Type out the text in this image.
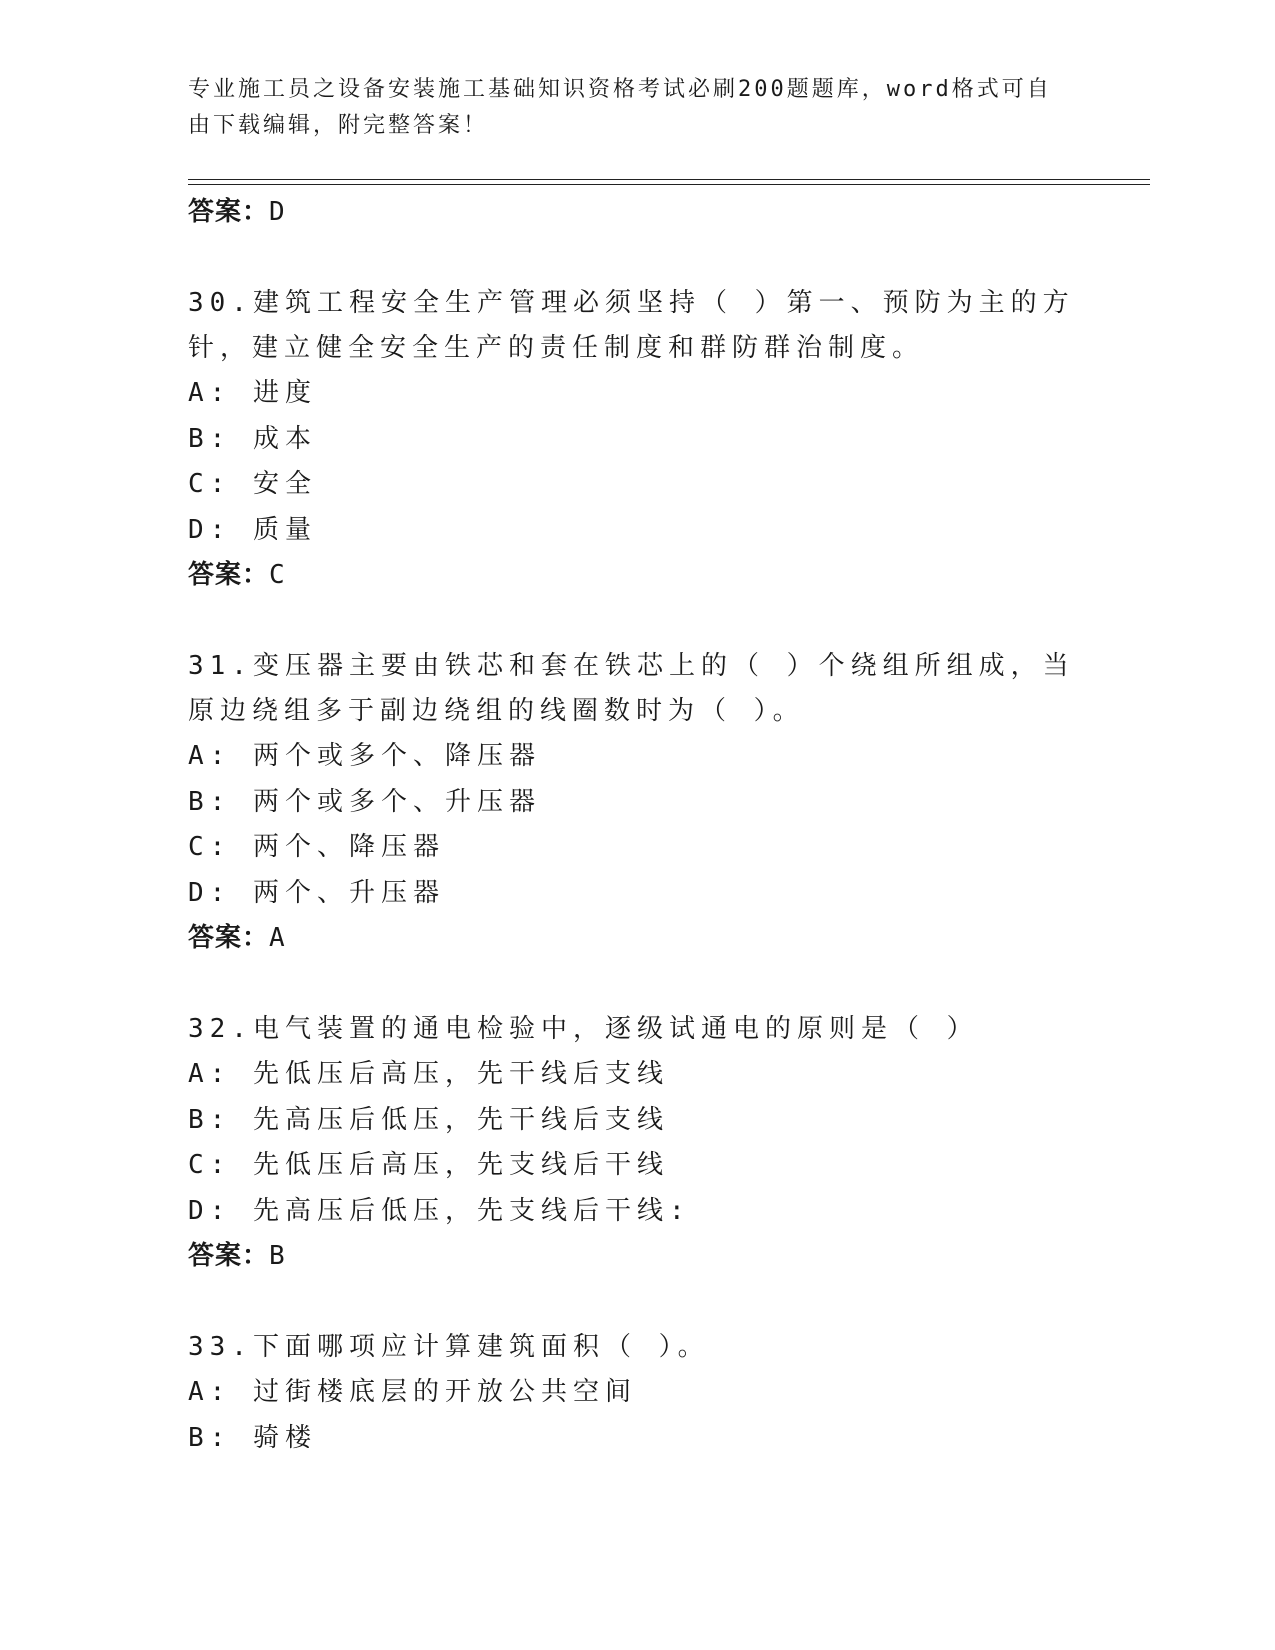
专业施工员之设备安装施工基础知识资格考试必刷200题题库，word格式可自由下载编辑，附完整答案！

答案：D

30.建筑工程安全生产管理必须坚持（ ）第一、预防为主的方针，建立健全安全生产的责任制度和群防群治制度。

A: 进度

B: 成本

C: 安全

D: 质量

答案：C

31.变压器主要由铁芯和套在铁芯上的（ ）个绕组所组成，当原边绕组多于副边绕组的线圈数时为（ ）。

A: 两个或多个、降压器

B: 两个或多个、升压器

C: 两个、降压器

D: 两个、升压器

答案：A

32.电气装置的通电检验中，逐级试通电的原则是（ ）

A: 先低压后高压，先干线后支线

B: 先高压后低压，先干线后支线

C: 先低压后高压，先支线后干线

D: 先高压后低压，先支线后干线:

答案：B

33.下面哪项应计算建筑面积（ ）。

A: 过街楼底层的开放公共空间

B: 骑楼
